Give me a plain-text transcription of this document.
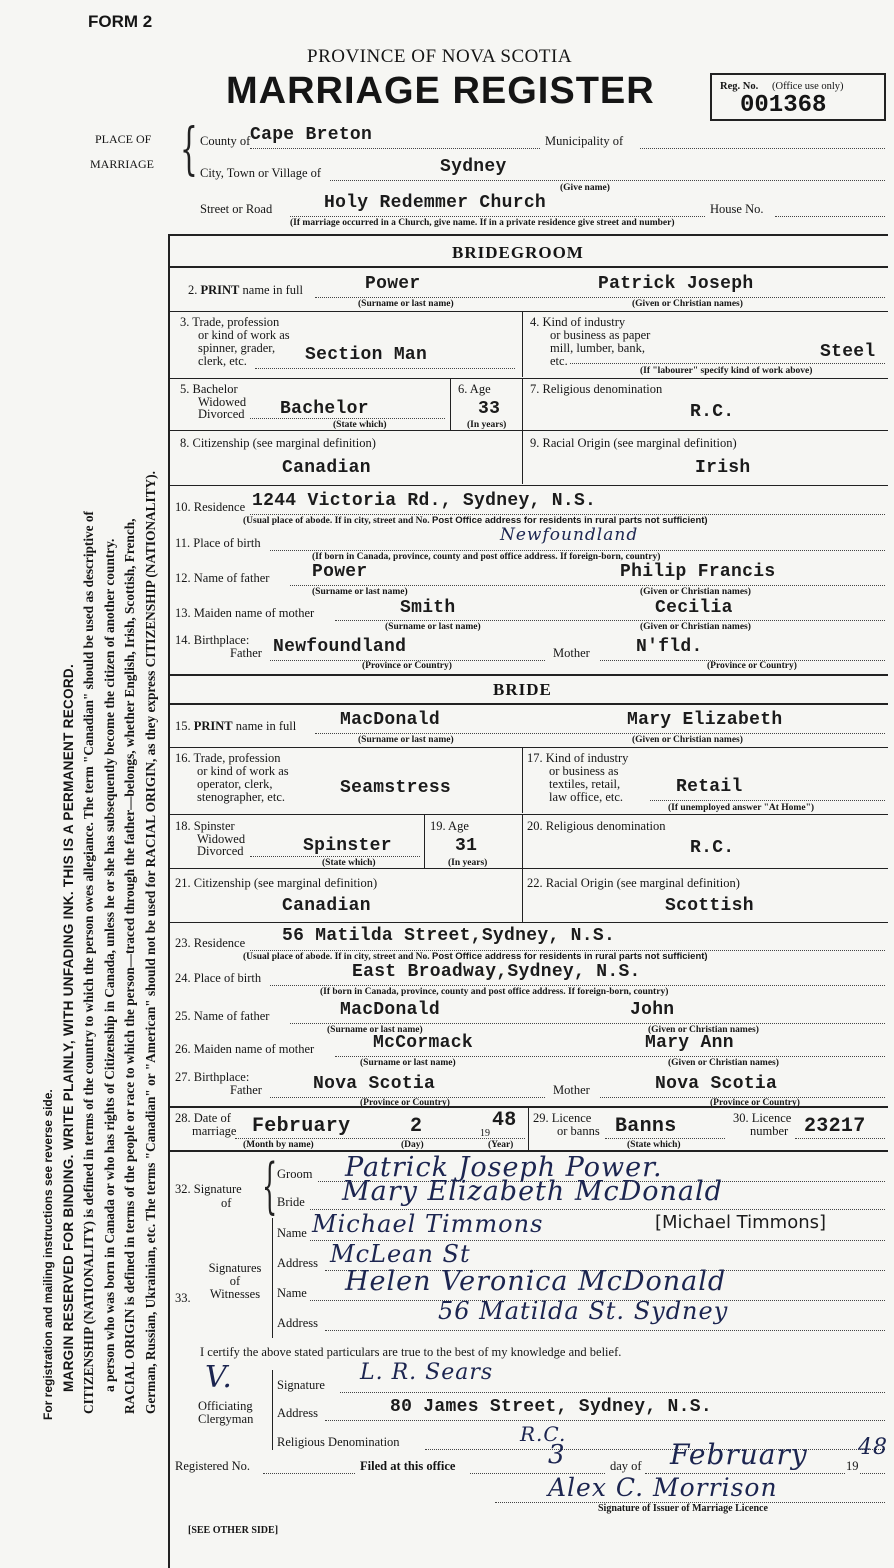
For registration and mailing instructions see reverse side. MARGIN RESERVED FOR BINDING. WRITE PLAINLY, WITH UNFADING INK. THIS IS A PERMANENT RECORD. CITIZENSHIP (NATIONALITY) is defined in terms of the country to which the person owes allegiance. The term "Canadian" should be used as descriptive of a person who was born in Canada or who has rights of Citizenship in Canada, unless he or she has subsequently become the citizen of another country. RACIAL ORIGIN is defined in terms of the people or race to which the person—traced through the father—belongs, whether English, Irish, Scottish, French, German, Russian, Ukrainian, etc. The terms "Canadian" or "American" should not be used for RACIAL ORIGIN, as they express CITIZENSHIP (NATIONALITY).
FORM 2
PROVINCE OF NOVA SCOTIA
MARRIAGE REGISTER	Reg. No. (Office use only)
001368
PLACE OF
MARRIAGE { County of Cape Breton	Municipality of
City, Town or Village of	Sydney
(Give name)
Street or Road	Holy Redemmer Church	House No.
(If marriage occurred in a Church, give name. If in a private residence give street and number)
BRIDEGROOM
2. PRINT name in full	Power	Patrick Joseph
(Surname or last name)	(Given or Christian names)
3. Trade, profession
or kind of work as
spinner, grader,
clerk, etc.	Section Man
4. Kind of industry
or business as paper
mill, lumber, bank,
etc.	Steel
(If "labourer" specify kind of work above)
5. Bachelor
Widowed
Divorced Bachelor
(State which)
6. Age
33
(In years)
7. Religious denomination
R.C.
8. Citizenship (see marginal definition)
Canadian
9. Racial Origin (see marginal definition)
Irish
10. Residence 1244 Victoria Rd., Sydney, N.S.
(Usual place of abode. If in city, street and No. Post Office address for residents in rural parts not sufficient)
11. Place of birth	Newfoundland
(If born in Canada, province, county and post office address. If foreign-born, country)
12. Name of father Power	Philip Francis
(Surname or last name)	(Given or Christian names)
13. Maiden name of mother	Smith	Cecilia
(Surname or last name)	(Given or Christian names)
14. Birthplace:
Father Newfoundland	Mother	N'fld.
(Province or Country)	(Province or Country)
BRIDE
15. PRINT name in full MacDonald	Mary Elizabeth
(Surname or last name)	(Given or Christian names)
16. Trade, profession
or kind of work as
operator, clerk,
stenographer, etc.	Seamstress
17. Kind of industry
or business as
textiles, retail,
law office, etc.	Retail
(If unemployed answer "At Home")
18. Spinster
Widowed
Divorced	Spinster
(State which)
19. Age
31
(In years)
20. Religious denomination
R.C.
21. Citizenship (see marginal definition)
Canadian
22. Racial Origin (see marginal definition)
Scottish
23. Residence 56 Matilda Street,Sydney, N.S.
(Usual place of abode. If in city, street and No. Post Office address for residents in rural parts not sufficient)
24. Place of birth	East Broadway,Sydney, N.S.
(If born in Canada, province, county and post office address. If foreign-born, country)
25. Name of father	MacDonald	John
(Surname or last name)	(Given or Christian names)
26. Maiden name of mother	McCormack	Mary Ann
(Surname or last name)	(Given or Christian names)
27. Birthplace:
Father	Nova Scotia	Mother	Nova Scotia
(Province or Country)	(Province or Country)
28. Date of
marriage February	2	19
48
(Month by name)	(Day)	(Year)
29. Licence
or banns Banns
(State which)
30. Licence
number 23217
32. Signature
of { Groom Patrick Joseph Power.
Bride Mary Elizabeth McDonald
33.
Signatures
of
Witnesses
Name Michael Timmons	[Michael Timmons]
Address McLean St
Name Helen Veronica McDonald
Address	56 Matilda St. Sydney
I certify the above stated particulars are true to the best of my knowledge and belief.
V.
Officiating
Clergyman
Signature L. R. Sears
Address	80 James Street, Sydney, N.S.
Religious Denomination	R.C.
Registered No.	Filed at this office	3	day of February	19
48
Alex C. Morrison
Signature of Issuer of Marriage Licence
[SEE OTHER SIDE]
